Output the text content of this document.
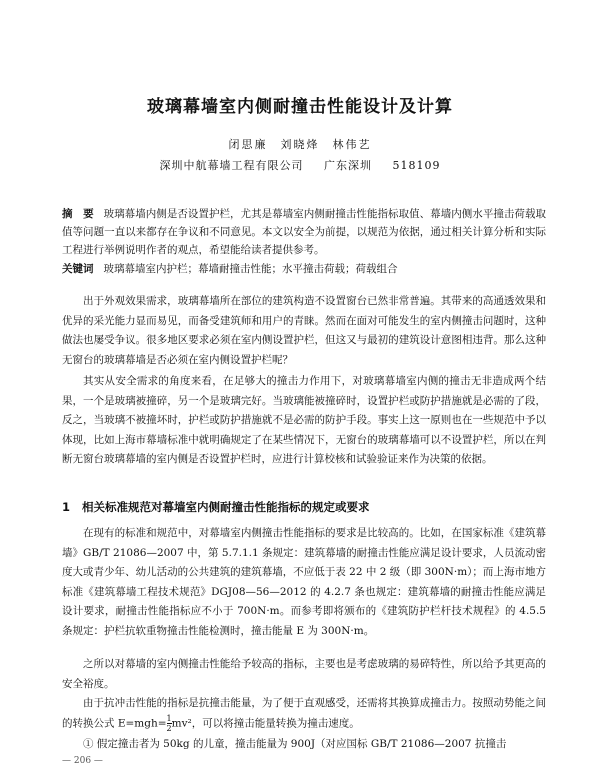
玻璃幕墙室内侧耐撞击性能设计及计算
闭思廉　刘晓烽　林伟艺
深圳中航幕墙工程有限公司 广东深圳 518109
摘　要 玻璃幕墙内侧是否设置护栏，尤其是幕墙室内侧耐撞击性能指标取值、幕墙内侧水平撞击荷载取值等问题一直以来都存在争议和不同意见。本文以安全为前提，以规范为依据，通过相关计算分析和实际工程进行举例说明作者的观点，希望能给读者提供参考。
关键词 玻璃幕墙室内护栏；幕墙耐撞击性能；水平撞击荷载；荷载组合

出于外观效果需求，玻璃幕墙所在部位的建筑构造不设置窗台已然非常普遍。其带来的高通透效果和优异的采光能力显而易见，而备受建筑师和用户的青睐。然而在面对可能发生的室内侧撞击问题时，这种做法也屡受争议。很多地区要求必须在室内侧设置护栏，但这又与最初的建筑设计意图相违背。那么这种无窗台的玻璃幕墙是否必须在室内侧设置护栏呢？

其实从安全需求的角度来看，在足够大的撞击力作用下，对玻璃幕墙室内侧的撞击无非造成两个结果，一个是玻璃被撞碎，另一个是玻璃完好。当玻璃能被撞碎时，设置护栏或防护措施就是必需的了段，反之，当玻璃不被撞坏时，护栏或防护措施就不是必需的防护手段。事实上这一原则也在一些规范中予以体现，比如上海市幕墙标准中就明确规定了在某些情况下，无窗台的玻璃幕墙可以不设置护栏，所以在判断无窗台玻璃幕墙的室内侧是否设置护栏时，应进行计算校核和试验验证来作为决策的依据。

1 相关标准规范对幕墙室内侧耐撞击性能指标的规定或要求

在现有的标准和规范中，对幕墙室内侧撞击性能指标的要求是比较高的。比如，在国家标准《建筑幕墙》GB/T 21086—2007 中，第 5.7.1.1 条规定：建筑幕墙的耐撞击性能应满足设计要求，人员流动密度大或青少年、幼儿活动的公共建筑的建筑幕墙，不应低于表 22 中 2 级（即 300N·m）；而上海市地方标准《建筑幕墙工程技术规范》DGJ08—56—2012 的 4.2.7 条也规定：建筑幕墙的耐撞击性能应满足设计要求，耐撞击性能指标应不小于 700N·m。而参考即将颁布的《建筑防护栏杆技术规程》的 4.5.5 条规定：护栏抗软重物撞击性能检测时，撞击能量 E 为 300N·m。

之所以对幕墙的室内侧撞击性能给予较高的指标，主要也是考虑玻璃的易碎特性，所以给予其更高的安全裕度。

由于抗冲击性能的指标是抗撞击能量，为了便于直观感受，还需将其换算成撞击力。按照动势能之间的转换公式 $E=mgh= \frac{1}{2} mv^2$，可以将撞击能量转换为撞击速度。

① 假定撞击者为 50kg 的儿童，撞击能量为 900J（对应国标 GB/T 21086—2007 抗撞击

— 206 —
